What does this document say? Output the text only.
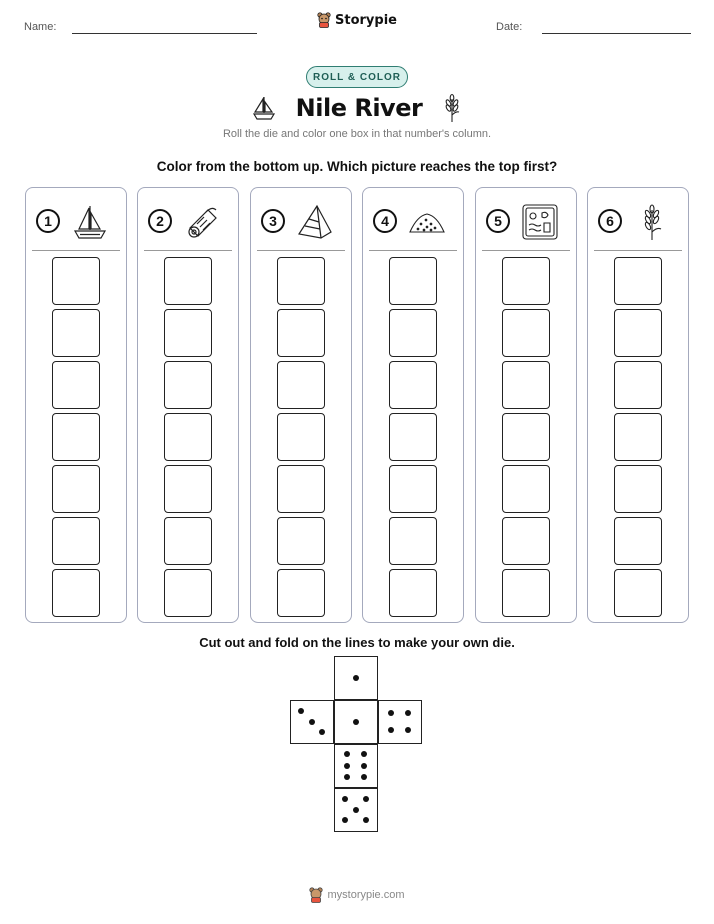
Name:	Storypie	Date:
ROLL & COLOR
Nile River
Roll the die and color one box in that number's column.
Color from the bottom up. Which picture reaches the top first?
1	2	3	4	5	6
Cut out and fold on the lines to make your own die.
mystorypie.com
